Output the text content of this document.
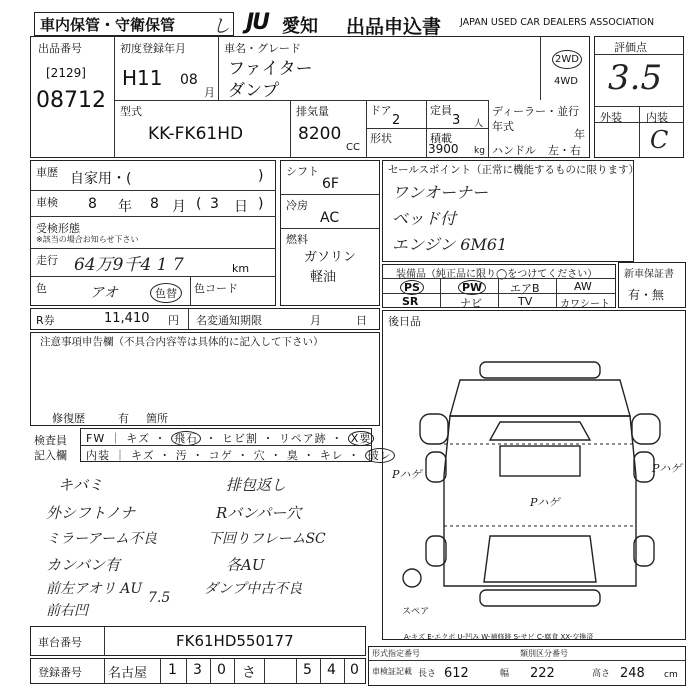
車内保管・守衛保管 し JU 愛知 出品申込書 JAPAN USED CAR DEALERS ASSOCIATION
出品番号
[2129]
08712
初度登録年月
H11 08
月
車名・グレード
ファイター
ダンプ
2WD
4WD
型式
KK-FK61HD
排気量
8200
CC
ドア
2
定員
3 人
形状	積載
3900 kg
ディーラー・並行
年式
年
ハンドル 左・右
評価点
3.5
外装 内装
C
車歴 自家用・(	)
車検 8 年 8 月 ( 3 日 )
受検形態
※該当の場合お知らせ下さい
走行 64万9千4 1 7	km
色	アオ	色替	色コード
シフト
6F
冷房
AC
燃料
ガソリン
軽油
R券	11,410 円 名変通知期限	月	日
セールスポイント（正常に機能するものに限ります）
ワンオーナー
ベッド付
エンジン 6M61
装備品（純正品に限り◯をつけてください）
PS	PW	エアB	AW
SR	ナビ	TV	カワシート
新車保証書
有・無
注意事項申告欄（不具合内容等は具体的に記入して下さい）
修復歴	有 箇所
検査員
記入欄
FW ｜ キズ ・ 飛石 ・ ヒビ割 ・ リペア跡 ・ X要
内装 ｜ キズ ・ 汚 ・ コゲ ・ 穴 ・ 臭 ・ キレ ・ 破レ
キバミ
外シフトノナ
ミラーアーム不良
カンバン有
前左アオリ AU
7.5
前右凹
排包返し
Rバンパー穴
下回りフレームSC
各AU
ダンプ中古不良
後日品
Pハゲ	Pハゲ
Pハゲ
スペア
A-キズ E-エクボ U-凹み W-補修跡 S-サビ C-腐食 XX-交換済
車台番号	FK61HD550177
登録番号 名古屋 1 3 0 さ	5 4 0
形式指定番号	類別区分番号
車検証記載 長さ 612	幅 222	高さ 248 cm
